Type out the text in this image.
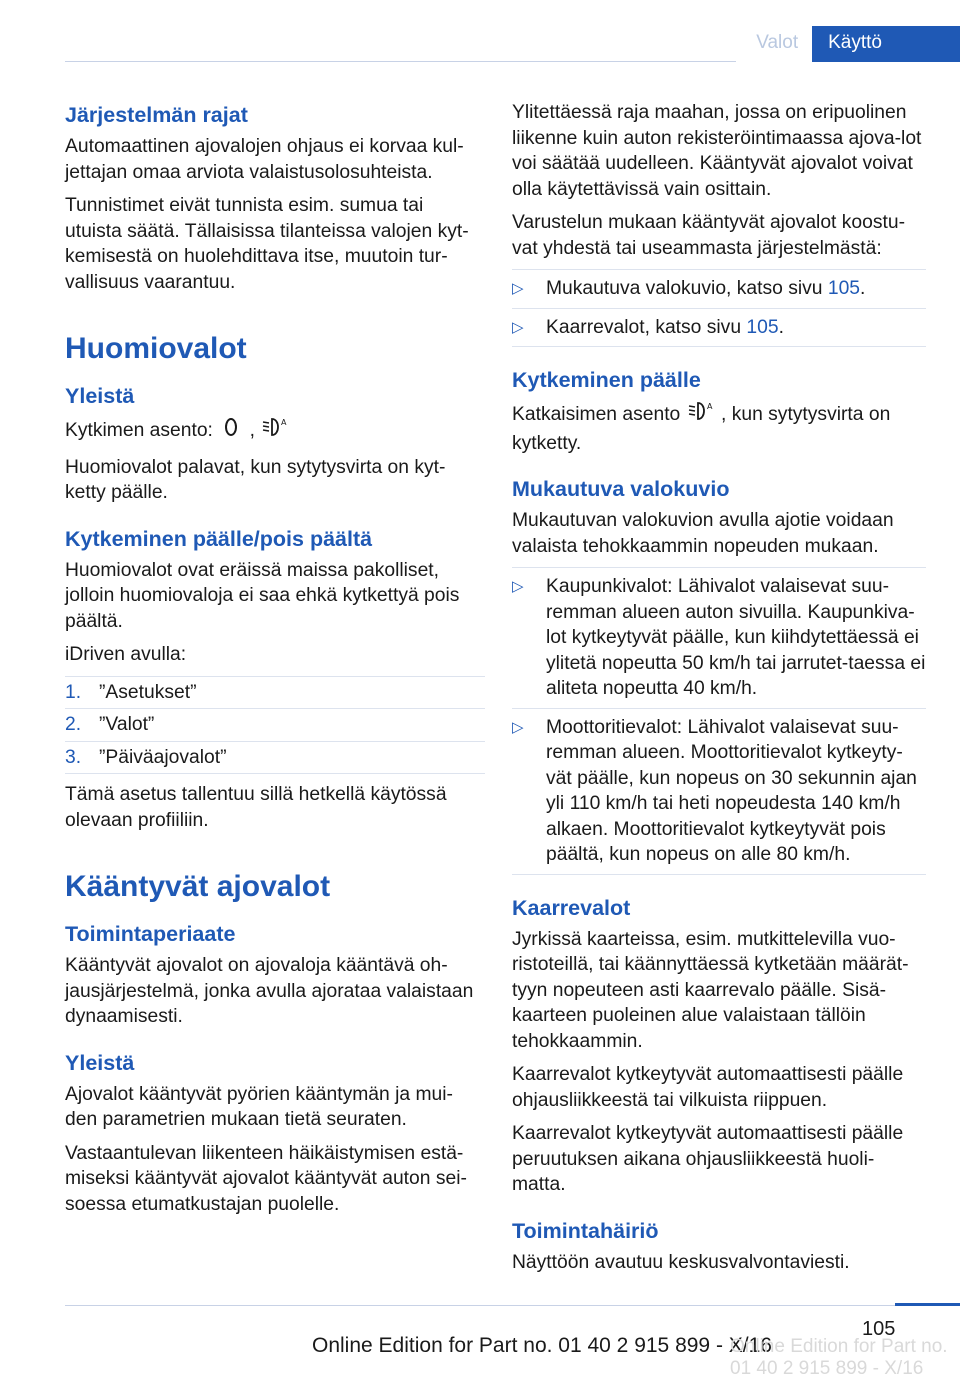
Valot	Käyttö
Järjestelmän rajat

Automaattinen ajovalojen ohjaus ei korvaa kul-jettajan omaa arviota valaistusolosuhteista.

Tunnistimet eivät tunnista esim. sumua tai utuista säätä. Tällaisissa tilanteissa valojen kyt-kemisestä on huolehdittava itse, muutoin tur-vallisuus vaarantuu.

Huomiovalot
Yleistä

Kytkimen asento: ,	A

Huomiovalot palavat, kun sytytysvirta on kyt-ketty päälle.

Kytkeminen päälle/pois päältä

Huomiovalot ovat eräissä maissa pakolliset, jolloin huomiovaloja ei saa ehkä kytkettyä pois päältä.

iDriven avulla:

1. ”Asetukset”
2. ”Valot”
3. ”Päiväajovalot”

Tämä asetus tallentuu sillä hetkellä käytössä olevaan profiiliin.

Kääntyvät ajovalot
Toimintaperiaate

Kääntyvät ajovalot on ajovaloja kääntävä oh-jausjärjestelmä, jonka avulla ajorataa valaistaan dynaamisesti.

Yleistä

Ajovalot kääntyvät pyörien kääntymän ja mui-den parametrien mukaan tietä seuraten.

Vastaantulevan liikenteen häikäistymisen estä-miseksi kääntyvät ajovalot kääntyvät auton sei-soessa etumatkustajan puolelle.

Ylitettäessä raja maahan, jossa on eripuolinen liikenne kuin auton rekisteröintimaassa ajova-lot voi säätää uudelleen. Kääntyvät ajovalot voivat olla käytettävissä vain osittain.

Varustelun mukaan kääntyvät ajovalot koostu-vat yhdestä tai useammasta järjestelmästä:

▷	Mukautuva valokuvio, katso sivu 105.
▷	Kaarrevalot, katso sivu 105.
Kytkeminen päälle

Katkaisimen asento	A , kun sytytysvirta on kytketty.

Mukautuva valokuvio

Mukautuvan valokuvion avulla ajotie voidaan valaista tehokkaammin nopeuden mukaan.

▷	Kaupunkivalot: Lähivalot valaisevat suu-remman alueen auton sivuilla. Kaupunkiva-lot kytkeytyvät päälle, kun kiihdytettäessä ei ylitetä nopeutta 50 km/h tai jarrutet-taessa ei aliteta nopeutta 40 km/h.
▷	Moottoritievalot: Lähivalot valaisevat suu-remman alueen. Moottoritievalot kytkeyty-vät päälle, kun nopeus on 30 sekunnin ajan yli 110 km/h tai heti nopeudesta 140 km/h alkaen. Moottoritievalot kytkeytyvät pois päältä, kun nopeus on alle 80 km/h.
Kaarrevalot

Jyrkissä kaarteissa, esim. mutkittelevilla vuo-ristoteillä, tai käännyttäessä kytketään määrät-tyyn nopeuteen asti kaarrevalo päälle. Sisä-kaarteen puoleinen alue valaistaan tällöin tehokkaammin.

Kaarrevalot kytkeytyvät automaattisesti päälle ohjausliikkeestä tai vilkuista riippuen.

Kaarrevalot kytkeytyvät automaattisesti päälle peruutuksen aikana ohjausliikkeestä huoli-matta.

Toimintahäiriö

Näyttöön avautuu keskusvalvontaviesti.

105
Online Edition for Part no. 01 40 2 915 899 - X/16
Online Edition for Part no. 01 40 2 915 899 - X/16
